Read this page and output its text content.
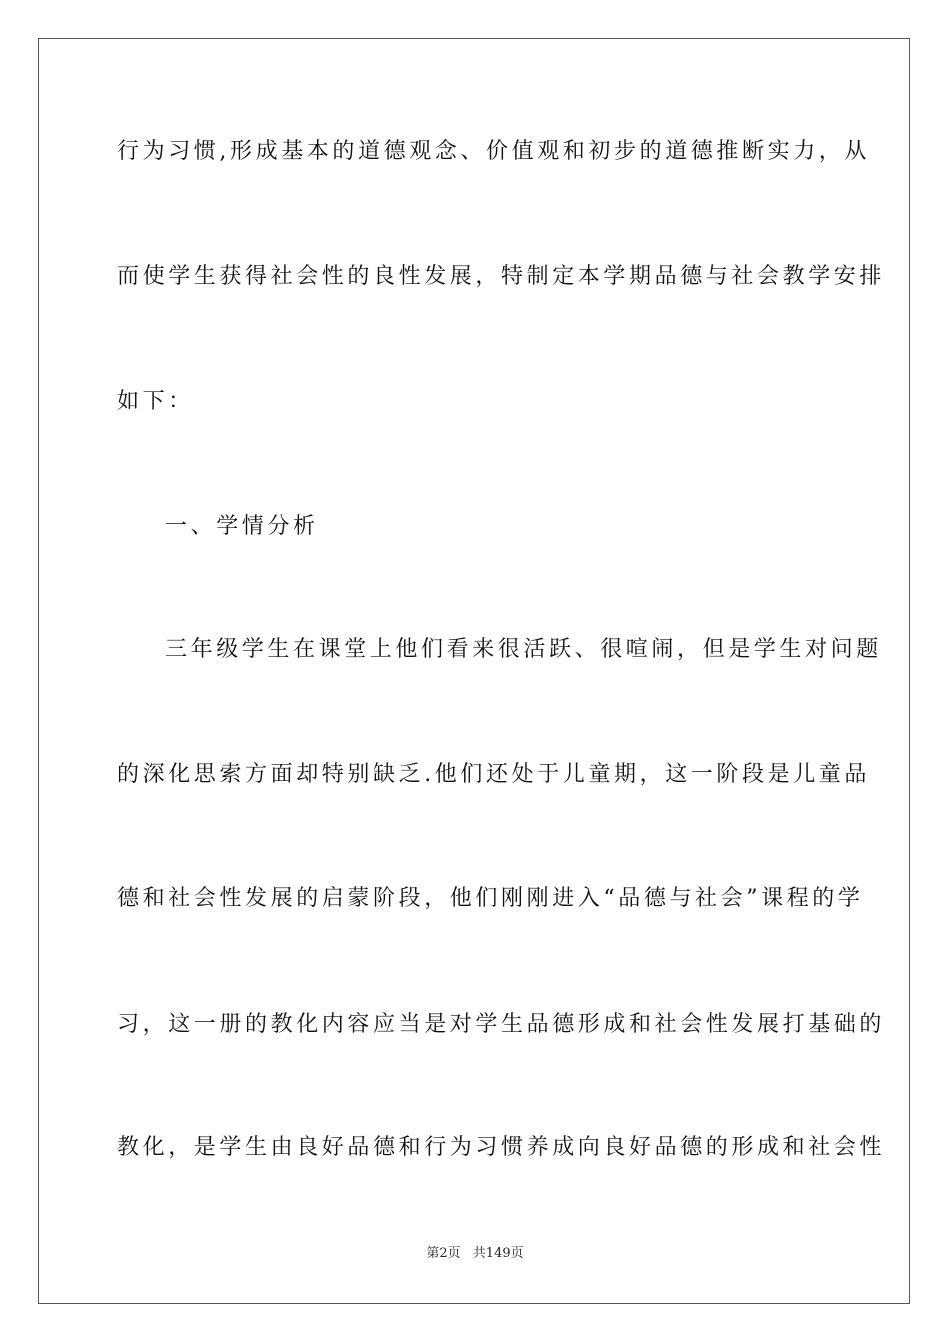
行为习惯,形成基本的道德观念、价值观和初步的道德推断实力，从
而使学生获得社会性的良性发展，特制定本学期品德与社会教学安排
如下：
一、学情分析
三年级学生在课堂上他们看来很活跃、很喧闹，但是学生对问题
的深化思索方面却特别缺乏.他们还处于儿童期，这一阶段是儿童品
德和社会性发展的启蒙阶段，他们刚刚进入“品德与社会”课程的学
习，这一册的教化内容应当是对学生品德形成和社会性发展打基础的
教化，是学生由良好品德和行为习惯养成向良好品德的形成和社会性
第2页 共149页
